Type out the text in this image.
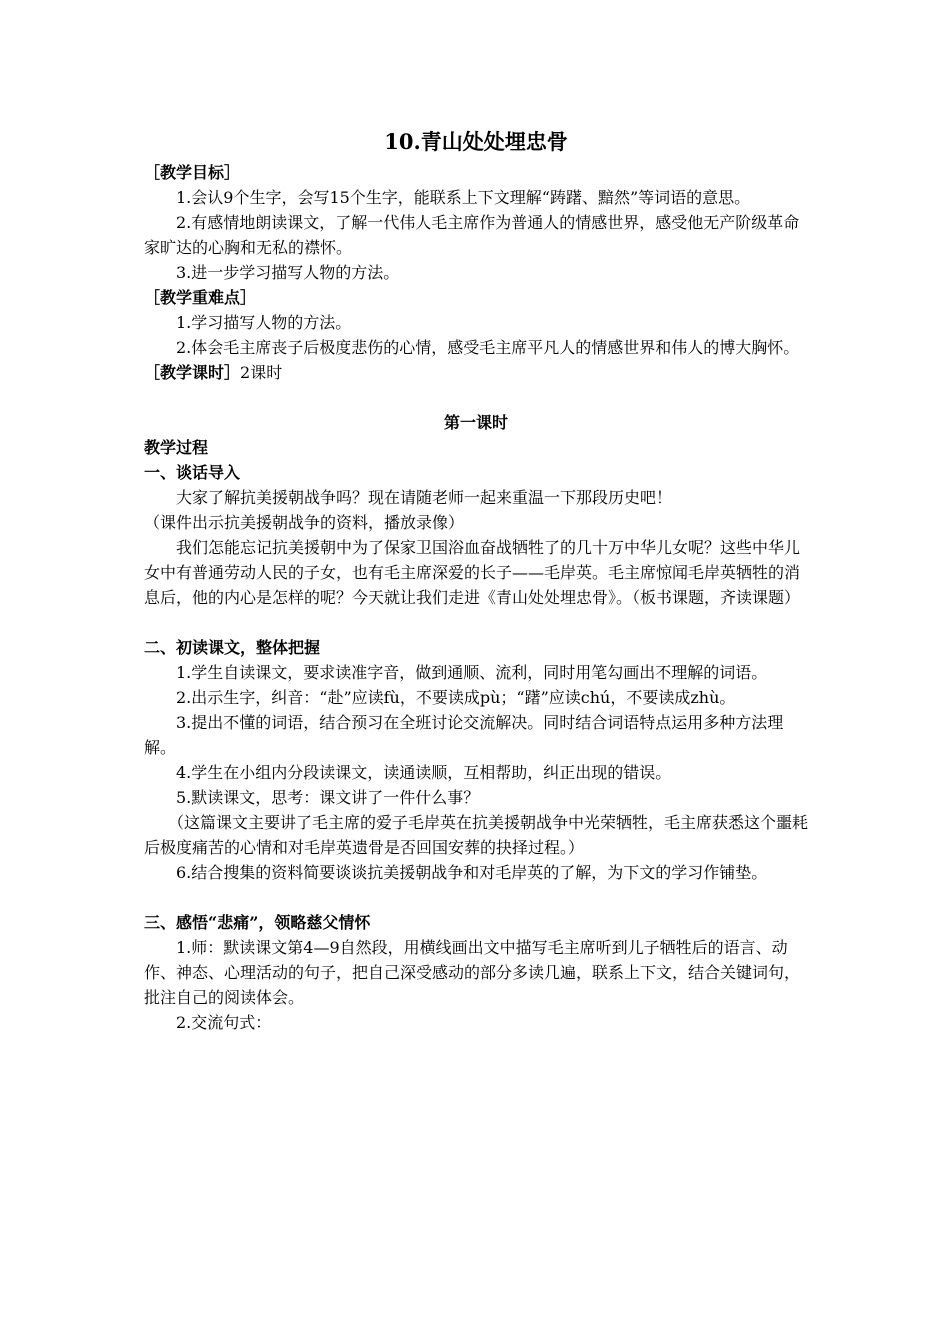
10.青山处处埋忠骨

［教学目标］

1.会认9个生字，会写15个生字，能联系上下文理解“踌躇、黯然”等词语的意思。

2.有感情地朗读课文，了解一代伟人毛主席作为普通人的情感世界，感受他无产阶级革命家旷达的心胸和无私的襟怀。

3.进一步学习描写人物的方法。

［教学重难点］

1.学习描写人物的方法。

2.体会毛主席丧子后极度悲伤的心情，感受毛主席平凡人的情感世界和伟人的博大胸怀。

［教学课时］2课时

第一课时

教学过程

一、谈话导入

大家了解抗美援朝战争吗？现在请随老师一起来重温一下那段历史吧！

（课件出示抗美援朝战争的资料，播放录像）

我们怎能忘记抗美援朝中为了保家卫国浴血奋战牺牲了的几十万中华儿女呢？这些中华儿女中有普通劳动人民的子女，也有毛主席深爱的长子——毛岸英。毛主席惊闻毛岸英牺牲的消息后，他的内心是怎样的呢？今天就让我们走进《青山处处埋忠骨》。（板书课题，齐读课题）

二、初读课文，整体把握

1.学生自读课文，要求读准字音，做到通顺、流利，同时用笔勾画出不理解的词语。

2.出示生字，纠音：“赴”应读fù，不要读成pù；“躇”应读chú，不要读成zhù。

3.提出不懂的词语，结合预习在全班讨论交流解决。同时结合词语特点运用多种方法理解。

4.学生在小组内分段读课文，读通读顺，互相帮助，纠正出现的错误。

5.默读课文，思考：课文讲了一件什么事？

（这篇课文主要讲了毛主席的爱子毛岸英在抗美援朝战争中光荣牺牲，毛主席获悉这个噩耗后极度痛苦的心情和对毛岸英遗骨是否回国安葬的抉择过程。）

6.结合搜集的资料简要谈谈抗美援朝战争和对毛岸英的了解，为下文的学习作铺垫。

三、感悟“悲痛”，领略慈父情怀

1.师：默读课文第4—9自然段，用横线画出文中描写毛主席听到儿子牺牲后的语言、动作、神态、心理活动的句子，把自己深受感动的部分多读几遍，联系上下文，结合关键词句，批注自己的阅读体会。

2.交流句式：
